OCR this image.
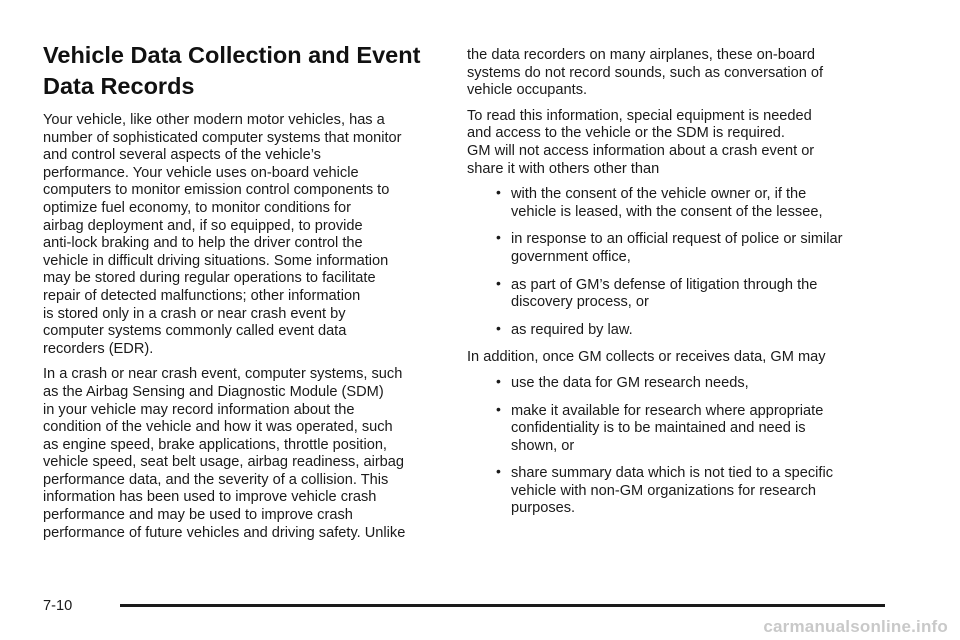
Vehicle Data Collection and Event
Data Records

Your vehicle, like other modern motor vehicles, has a
number of sophisticated computer systems that monitor
and control several aspects of the vehicle’s
performance. Your vehicle uses on-board vehicle
computers to monitor emission control components to
optimize fuel economy, to monitor conditions for
airbag deployment and, if so equipped, to provide
anti-lock braking and to help the driver control the
vehicle in difficult driving situations. Some information
may be stored during regular operations to facilitate
repair of detected malfunctions; other information
is stored only in a crash or near crash event by
computer systems commonly called event data
recorders (EDR).

In a crash or near crash event, computer systems, such
as the Airbag Sensing and Diagnostic Module (SDM)
in your vehicle may record information about the
condition of the vehicle and how it was operated, such
as engine speed, brake applications, throttle position,
vehicle speed, seat belt usage, airbag readiness, airbag
performance data, and the severity of a collision. This
information has been used to improve vehicle crash
performance and may be used to improve crash
performance of future vehicles and driving safety. Unlike

the data recorders on many airplanes, these on-board
systems do not record sounds, such as conversation of
vehicle occupants.

To read this information, special equipment is needed
and access to the vehicle or the SDM is required.
GM will not access information about a crash event or
share it with others other than

• with the consent of the vehicle owner or, if the
vehicle is leased, with the consent of the lessee,
• in response to an official request of police or similar
government office,
• as part of GM’s defense of litigation through the
discovery process, or
• as required by law.

In addition, once GM collects or receives data, GM may

• use the data for GM research needs,
• make it available for research where appropriate
confidentiality is to be maintained and need is
shown, or
• share summary data which is not tied to a specific
vehicle with non-GM organizations for research
purposes.
7-10
carmanualsonline.info
